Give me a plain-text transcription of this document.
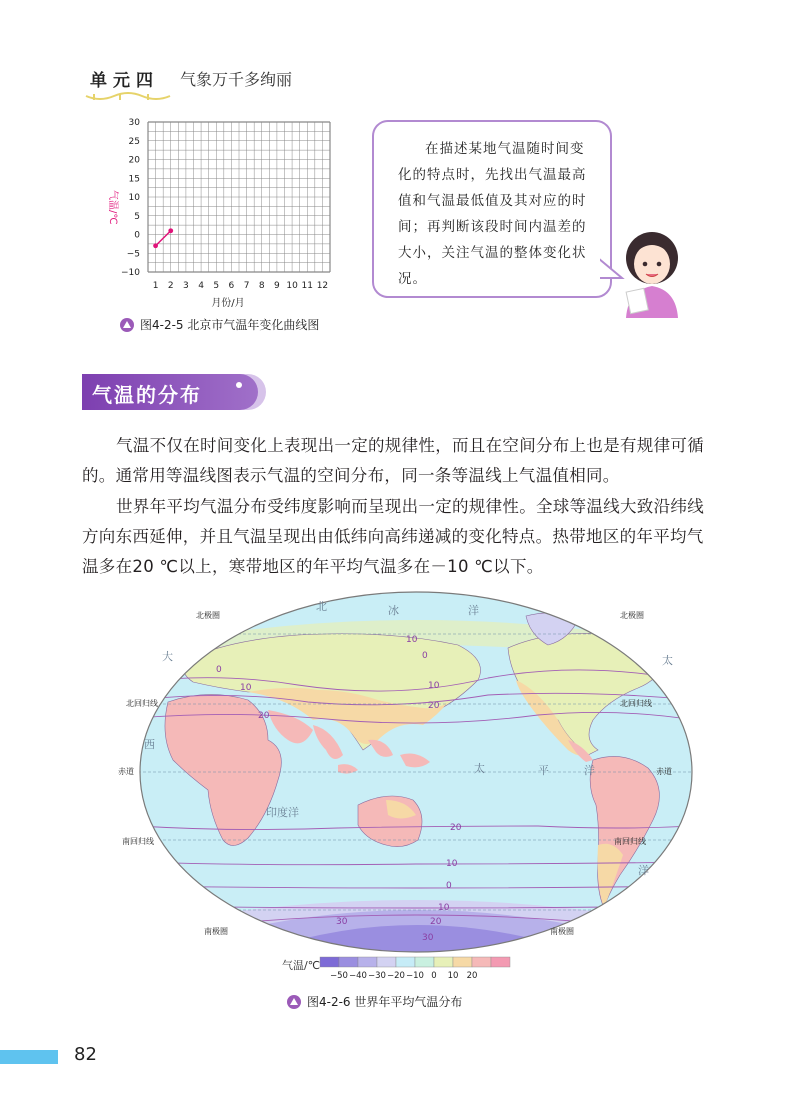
单元四 气象万千多绚丽
30
25
20
15
10
5
0
−5
−10
1 2 3 4 5 6 7 8 9 10 11 12
气温/℃
月份/月
图4-2-5 北京市气温年变化曲线图
在描述某地气温随时间变化的特点时，先找出气温最高值和气温最低值及其对应的时间；再判断该段时间内温差的大小，关注气温的整体变化状况。
气温的分布

气温不仅在时间变化上表现出一定的规律性，而且在空间分布上也是有规律可循的。通常用等温线图表示气温的空间分布，同一条等温线上气温值相同。

世界年平均气温分布受纬度影响而呈现出一定的规律性。全球等温线大致沿纬线方向东西延伸，并且气温呈现出由低纬向高纬递减的变化特点。热带地区的年平均气温多在20 ℃以上，寒带地区的年平均气温多在－10 ℃以下。

北极圈	北极圈
北回归线	北回归线
赤道	赤道
南回归线	南回归线
南极圈	南极圈
北	冰	洋
太	平	洋
印度洋
大
西
太
洋
10
0
10
20
20
10
0
10
20
30
30
10
0
20
气温/℃
−50 −40 −30 −20 −10 0 10 20
图4-2-6 世界年平均气温分布
82
